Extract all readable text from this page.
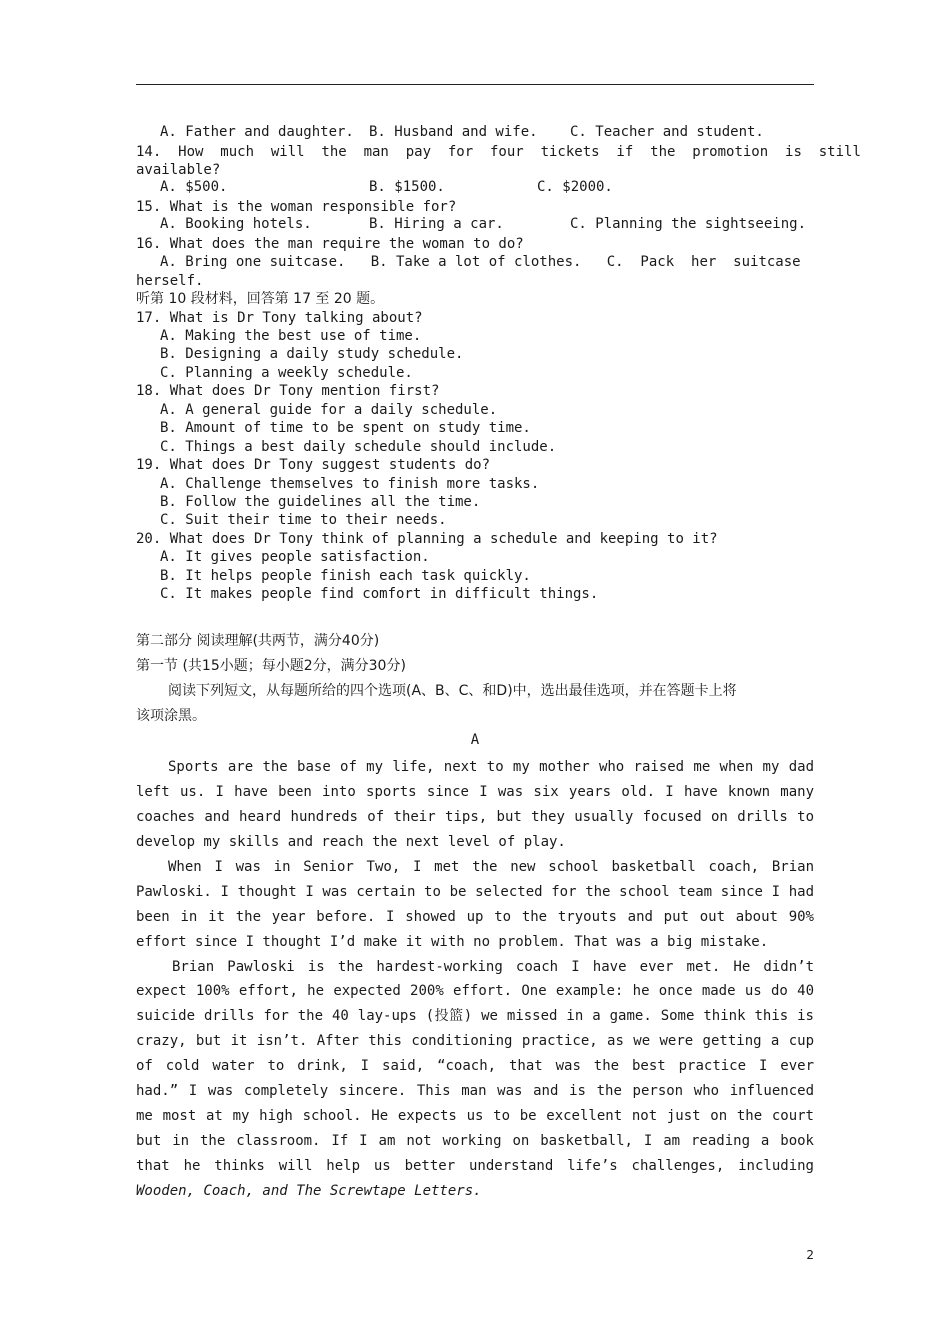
A. Father and daughter.	B. Husband and wife.	C. Teacher and student.
14.  How  much  will  the  man  pay  for  four  tickets  if  the  promotion  is  still
available?
A. $500.	B. $1500.	C. $2000.
15. What is the woman responsible for?
A. Booking hotels.	B. Hiring a car.	C. Planning the sightseeing.
16. What does the man require the woman to do?
A. Bring one suitcase.   B. Take a lot of clothes.   C.  Pack  her  suitcase
herself.
听第 10 段材料，回答第 17 至 20 题。
17. What is Dr Tony talking about?
A. Making the best use of time.
B. Designing a daily study schedule.
C. Planning a weekly schedule.
18. What does Dr Tony mention first?
A. A general guide for a daily schedule.
B. Amount of time to be spent on study time.
C. Things a best daily schedule should include.
19. What does Dr Tony suggest students do?
A. Challenge themselves to finish more tasks.
B. Follow the guidelines all the time.
C. Suit their time to their needs.
20. What does Dr Tony think of planning a schedule and keeping to it?
A. It gives people satisfaction.
B. It helps people finish each task quickly.
C. It makes people find comfort in difficult things.
第二部分 阅读理解(共两节，满分40分)
第一节 (共15小题；每小题2分，满分30分)
阅读下列短文，从每题所给的四个选项(A、B、C、和D)中，选出最佳选项，并在答题卡上将
该项涂黑。
A
Sports are the base of my life, next to my mother who raised me when my dad
left us. I have been into sports since I was six years old. I have known many
coaches and heard hundreds of their tips, but they usually focused on drills to
develop my skills and reach the next level of play.
When I was in Senior Two, I met the new school basketball coach, Brian
Pawloski. I thought I was certain to be selected for the school team since I had
been in it the year before. I showed up to the tryouts and put out about 90%
effort since I thought I’d make it with no problem. That was a big mistake.
Brian Pawloski is the hardest-working coach I have ever met. He didn’t
expect 100% effort, he expected 200% effort. One example: he once made us do 40
suicide drills for the 40 lay-ups (投篮) we missed in a game. Some think this is
crazy, but it isn’t. After this conditioning practice, as we were getting a cup
of cold water to drink, I said, “coach, that was the best practice I ever
had.” I was completely sincere. This man was and is the person who influenced
me most at my high school. He expects us to be excellent not just on the court
but in the classroom. If I am not working on basketball, I am reading a book
that he thinks will help us better understand life’s challenges, including
Wooden, Coach, and The Screwtape Letters.
2
